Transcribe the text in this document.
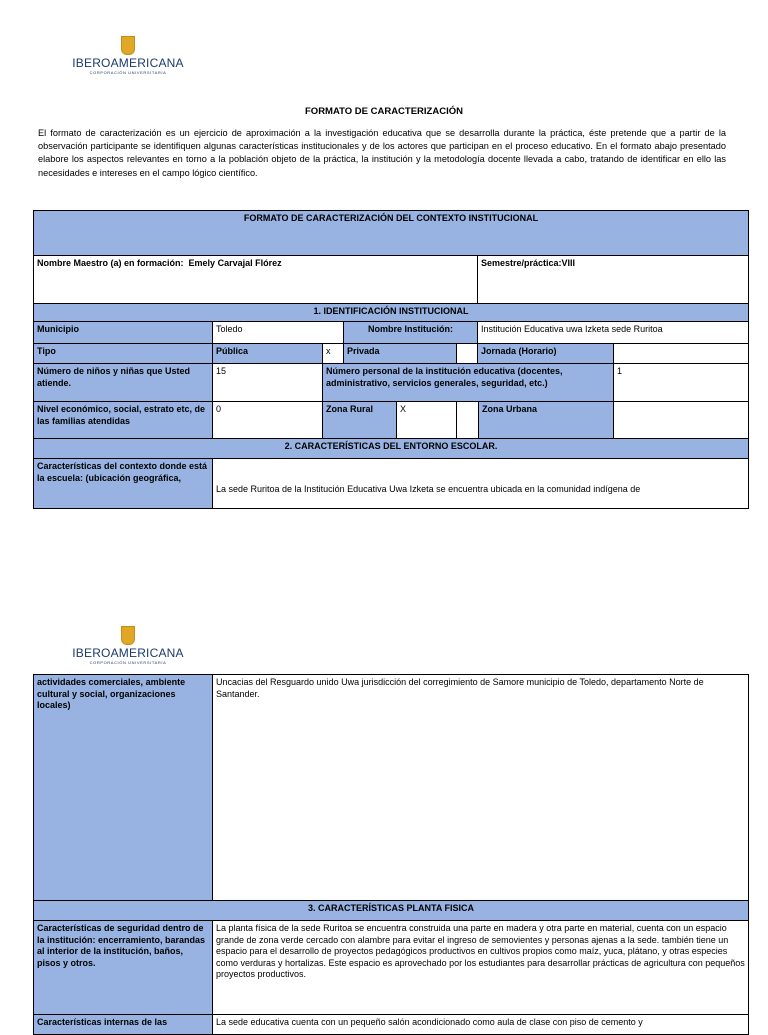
IBEROAMERICANA
CORPORACIÓN UNIVERSITARIA
FORMATO DE CARACTERIZACIÓN
El formato de caracterización es un ejercicio de aproximación a la investigación educativa que se desarrolla durante la práctica, éste pretende que a partir de la observación participante se identifiquen algunas características institucionales y de los actores que participan en el proceso educativo. En el formato abajo presentado elabore los aspectos relevantes en torno a la población objeto de la práctica, la institución y la metodología docente llevada a cabo, tratando de identificar en ello las necesidades e intereses en el campo lógico científico.
FORMATO DE CARACTERIZACIÓN DEL CONTEXTO INSTITUCIONAL						
Nombre Maestro (a) en formación: Emely Carvajal Flórez					Semestre/práctica:VIII	
1. IDENTIFICACIÓN INSTITUCIONAL						
Municipio	Toledo		Nombre Institución:		Institución Educativa uwa Izketa sede Ruritoa	
Tipo	Pública	x	Privada		Jornada (Horario)	
Número de niños y niñas que Usted atiende.	15	Número personal de la institución educativa (docentes, administrativo, servicios generales, seguridad, etc.)				1
Nivel económico, social, estrato etc, de las familias atendidas	0	Zona Rural X		Zona Urbana		

2. CARACTERÍSTICAS DEL ENTORNO ESCOLAR.						
Características del contexto donde está la escuela: (ubicación geográfica,	La sede Ruritoa de la Institución Educativa Uwa Izketa se encuentra ubicada en la comunidad indígena de					
IBEROAMERICANA
CORPORACIÓN UNIVERSITARIA
actividades comerciales, ambiente cultural y social, organizaciones locales)	Uncacias del Resguardo unido Uwa jurisdicción del corregimiento de Samore municipio de Toledo, departamento Norte de Santander.
3. CARACTERÍSTICAS PLANTA FISICA	
Características de seguridad dentro de la institución: encerramiento, barandas al interior de la institución, baños, pisos y otros.	La planta física de la sede Ruritoa se encuentra construida una parte en madera y otra parte en material, cuenta con un espacio grande de zona verde cercado con alambre para evitar el ingreso de semovientes y personas ajenas a la sede. también tiene un espacio para el desarrollo de proyectos pedagógicos productivos en cultivos propios como maíz, yuca, plátano, y otras especies como verduras y hortalizas. Este espacio es aprovechado por los estudiantes para desarrollar prácticas de agricultura con pequeños proyectos productivos.
Características internas de las	La sede educativa cuenta con un pequeño salón acondicionado como aula de clase con piso de cemento y
